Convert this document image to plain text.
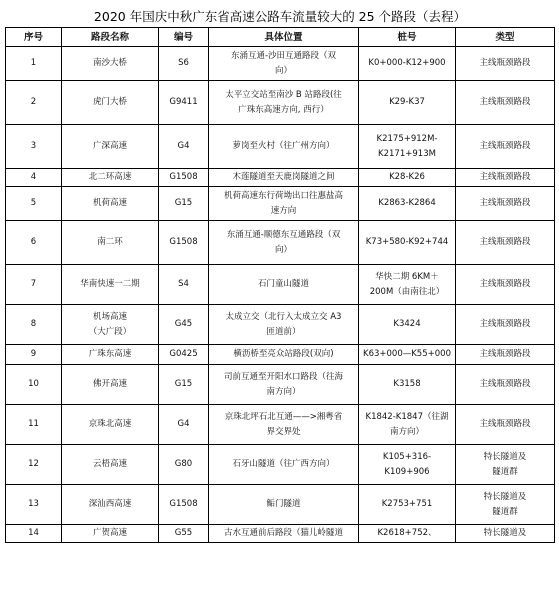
2020 年国庆中秋广东省高速公路车流量较大的 25 个路段（去程）
序号	路段名称	编号	具体位置	桩号	类型
1	南沙大桥	S6	东涌互通-沙田互通路段（双
向）	K0+000-K12+900	主线瓶颈路段
2	虎门大桥	G9411	太平立交站至南沙 B 站路段(往
广珠东高速方向, 西行）	K29-K37	主线瓶颈路段
3	广深高速	G4	萝岗至火村（往广州方向）	K2175+912M-
K2171+913M	主线瓶颈路段
4	北二环高速	G1508	木莲隧道至天鹿岗隧道之间	K28-K26	主线瓶颈路段
5	机荷高速	G15	机荷高速东行荷坳出口往惠盐高
速方向	K2863-K2864	主线瓶颈路段
6	南二环	G1508	东涌互通-顺德东互通路段（双
向）	K73+580-K92+744	主线瓶颈路段
7	华南快速一二期	S4	石门童山隧道	华快二期 6KM＋
200M（由南往北）	主线瓶颈路段
8	机场高速
（大广段）	G45	太成立交（北行入太成立交 A3
匝道前）	K3424	主线瓶颈路段
9	广珠东高速	G0425	横沥桥至亮众站路段(双向)	K63+000—K55+000	主线瓶颈路段
10	佛开高速	G15	司前互通至开阳水口路段（往海
南方向）	K3158	主线瓶颈路段
11	京珠北高速	G4	京珠北坪石北互通——>湘粤省
界交界处	K1842-K1847（往湖
南方向）	主线瓶颈路段
12	云梧高速	G80	石牙山隧道（往广西方向）	K105+316-K109+906	特长隧道及
隧道群
13	深汕西高速	G1508	鲘门隧道	K2753+751	特长隧道及
隧道群
14	广贺高速	G55	古水互通前后路段（猫儿岭隧道	K2618+752、	特长隧道及
